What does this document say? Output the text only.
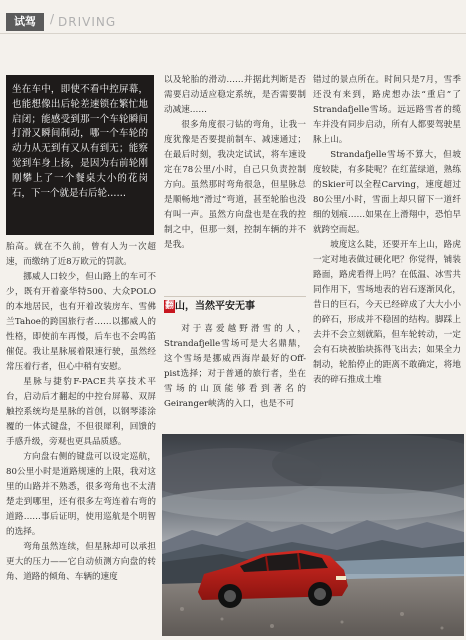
试驾	/ DRIVING
坐在车中，即使不看中控屏幕，也能想像出后轮差速锁在繁忙地启闭；能感受到那一个车轮瞬间打滑又瞬间制动，哪一个车轮的动力从无到有又从有到无；能察觉到车身上扬，是因为右前轮刚刚攀上了一个餐桌大小的花岗石，下一个就是右后轮……

胎高。就在不久前，曾有人为一次超速，而缴纳了近8万欧元的罚款。

挪威人口较少，但山路上的车可不少，既有开着豪华特500、大众POLO的本地居民，也有开着改装房车、雪佛兰Tahoe的跨国旅行者……以挪威人的性格，即使前车再慢，后车也不会鸣笛催促。我让星脉展着限速行驶，虽然经常压着行者，但心中稍有安慰。

星脉与捷豹F-PACE共享技术平台，启动后才翻起的中控台屏幕、双屏触控系统均是星脉的首创，以钢琴漆涂覆的一体式键盘，不但很犀利，回馈的手感升级，旁观也更具品质感。

方向盘右侧的键盘可以设定巡航，80公里小时是道路规速的上限，我对这里的山路并不熟悉，很多弯角也不太清楚走到哪里，还有很多左弯连着右弯的道路……事后证明，使用巡航是个明智的选择。

弯角虽然连续，但星脉却可以承担更大的压力——它自动侦测方向盘的转角、道路的倾角、车辆的速度

以及轮胎的滑动……并据此判断是否需要启动适应稳定系统，是否需要制动减速……

很多角度很刁钻的弯角，让我一度犹豫是否要提前制车、减速通过；在最后时刻，我决定试试，将车速设定在78公里/小时，自己只负责控制方向。虽然那时弯角很急，但星脉总是顺畅地“滑过”弯道，甚至轮胎也没有叫一声。虽然方向盘也是在我的控制之中，但那一刻，控制车辆的并不是我。

翻$^{山,当然平安无事}$

对于喜爱越野滑雪的人，Strandafjelle雪场可是大名鼎鼎，这个雪场是挪威西海岸最好的Off-pist选择；对于普通的旅行者，坐在雪场的山顶能够看到著名的Geiranger峡湾的入口，也是不可

错过的景点所在。时间只是7月，雪季还没有来到，路虎想办法“重启”了Strandafjelle雪场。远远路雪者的缆车并没有同步启动，所有人都要驾驶星脉上山。

Strandafjelle雪场不算大，但坡度较陡，有多陡呢？在红蓝绿道，熟练的Skier可以全程Carving，速度超过80公里/小时，雪面上却只留下一道纤细的划痕……如果在上滑翔中，恐怕早就跨空而起。

坡度这么陡，还要开车上山，路虎一定对地表做过硬化吧？你觉得，铺装路面，路虎看得上吗？在低温、冰雪共同作用下，雪场地表的岩石逐渐风化，昔日的巨石，今天已经碎成了大大小小的碎石，形成并不稳固的结构。脚踩上去并不会立刻就陷，但车轮转动，一定会有石块被胎块拣得飞出去；如果全力制动，轮胎停止的距离不敢确定，将地表的碎石推成土堆
